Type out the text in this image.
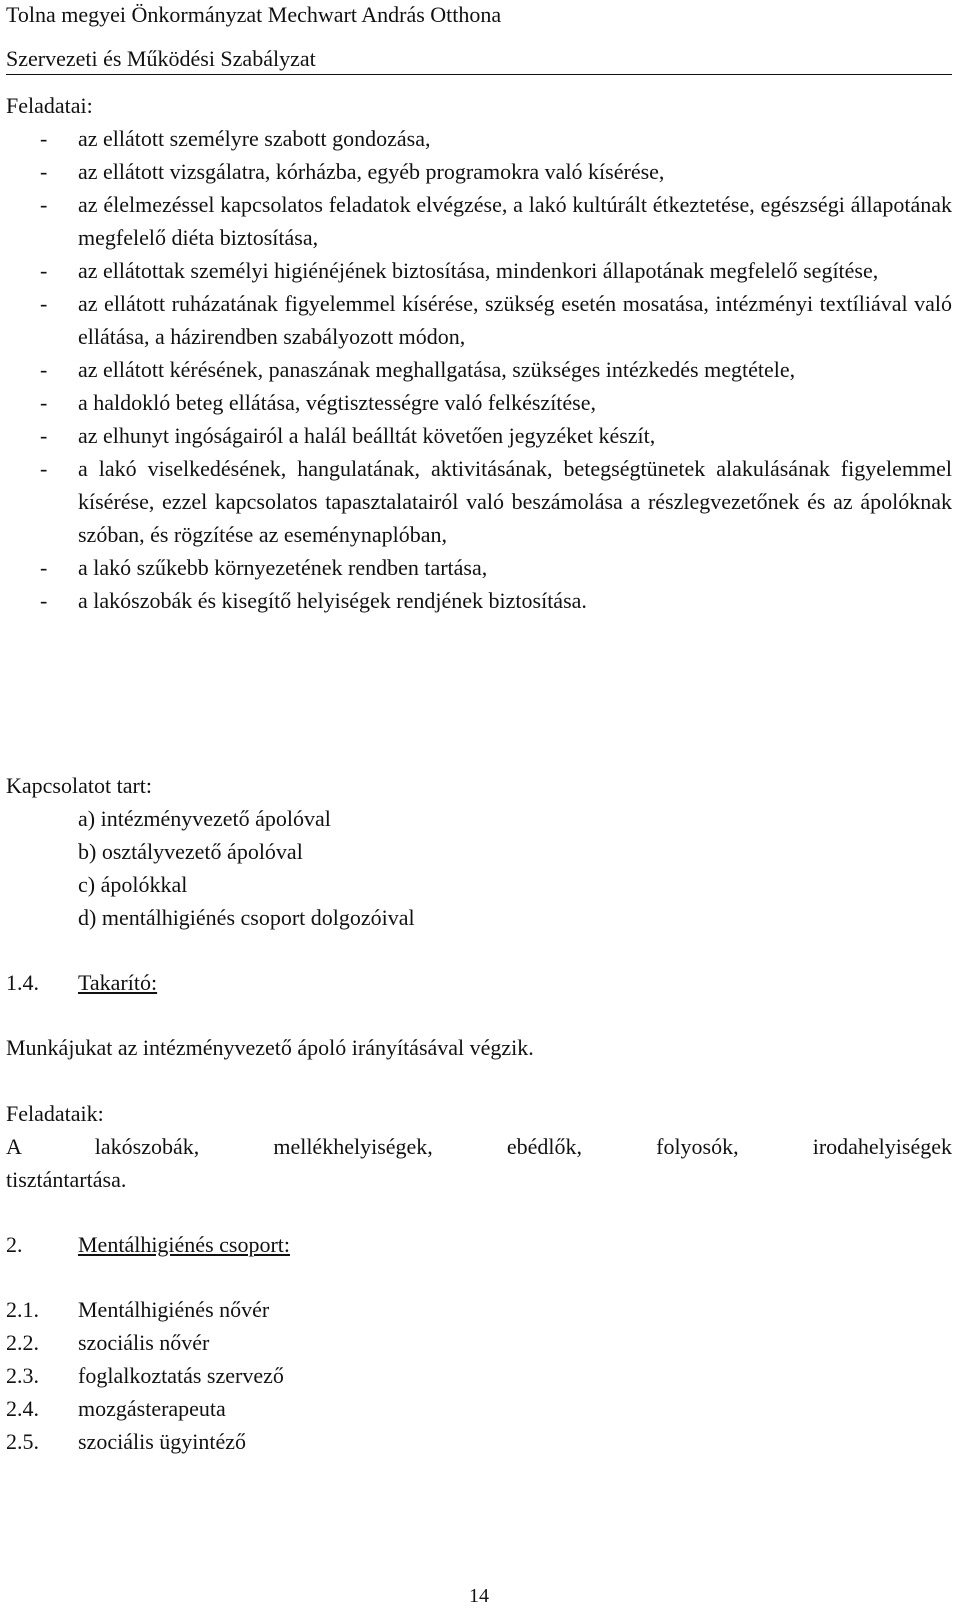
Tolna megyei Önkormányzat Mechwart András Otthona
Szervezeti és Működési Szabályzat
Feladatai:
- az ellátott személyre szabott gondozása,
- az ellátott vizsgálatra, kórházba, egyéb programokra való kísérése,
- az élelmezéssel kapcsolatos feladatok elvégzése, a lakó kultúrált étkeztetése, egészségi állapotának megfelelő diéta biztosítása,
- az ellátottak személyi higiénéjének biztosítása, mindenkori állapotának megfelelő segítése,
- az ellátott ruházatának figyelemmel kísérése, szükség esetén mosatása, intézményi textíliával való ellátása, a házirendben szabályozott módon,
- az ellátott kérésének, panaszának meghallgatása, szükséges intézkedés megtétele,
- a haldokló beteg ellátása, végtisztességre való felkészítése,
- az elhunyt ingóságairól a halál beálltát követően jegyzéket készít,
- a lakó viselkedésének, hangulatának, aktivitásának, betegségtünetek alakulásának figyelemmel kísérése, ezzel kapcsolatos tapasztalatairól való beszámolása a részlegvezetőnek és az ápolóknak szóban, és rögzítése az eseménynaplóban,
- a lakó szűkebb környezetének rendben tartása,
- a lakószobák és kisegítő helyiségek rendjének biztosítása.
Kapcsolatot tart:
a) intézményvezető ápolóval
b) osztályvezető ápolóval
c) ápolókkal
d) mentálhigiénés csoport dolgozóival
1.4. Takarító:
Munkájukat az intézményvezető ápoló irányításával végzik.
Feladataik:
A lakószobák, mellékhelyiségek, ebédlők, folyosók, irodahelyiségek
tisztántartása.
2.	Mentálhigiénés csoport:
2.1. Mentálhigiénés nővér
2.2. szociális nővér
2.3. foglalkoztatás szervező
2.4. mozgásterapeuta
2.5. szociális ügyintéző
14
